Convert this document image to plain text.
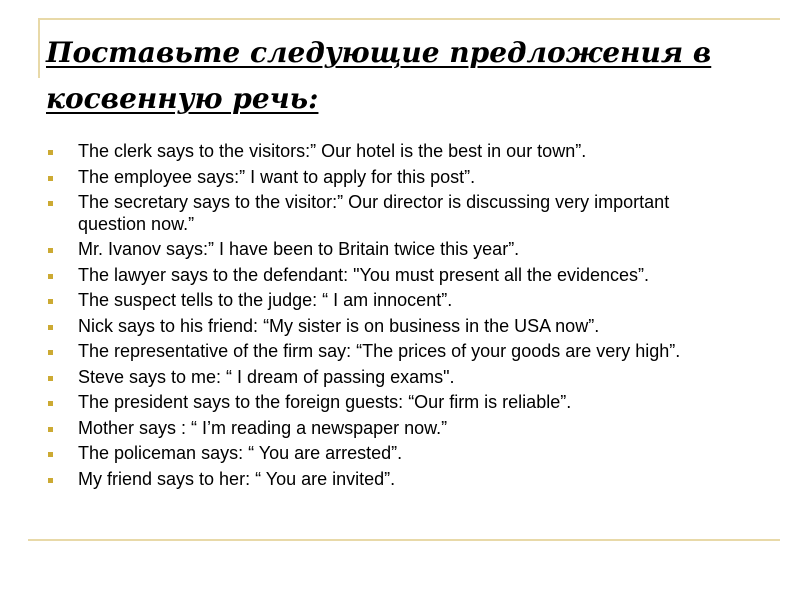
Поставьте следующие предложения в косвенную речь:
The clerk says to the visitors:” Our hotel is the best in our town”.
The employee says:” I want to apply for this post”.
The secretary says to the visitor:” Our director is discussing very important question now.”
Mr. Ivanov says:” I have been to Britain twice this year”.
The lawyer says to the defendant: "You must present all the evidences”.
The suspect tells to the judge: “ I am innocent”.
Nick says to his friend: “My sister is on business in the USA now”.
The representative of the firm say: “The prices of your goods are very high”.
Steve says to me: “ I dream of passing exams".
The president says to the foreign guests: “Our firm is reliable”.
Mother says : “ I’m reading a newspaper now.”
The policeman says: “ You are arrested”.
My friend says to her: “ You are invited”.
